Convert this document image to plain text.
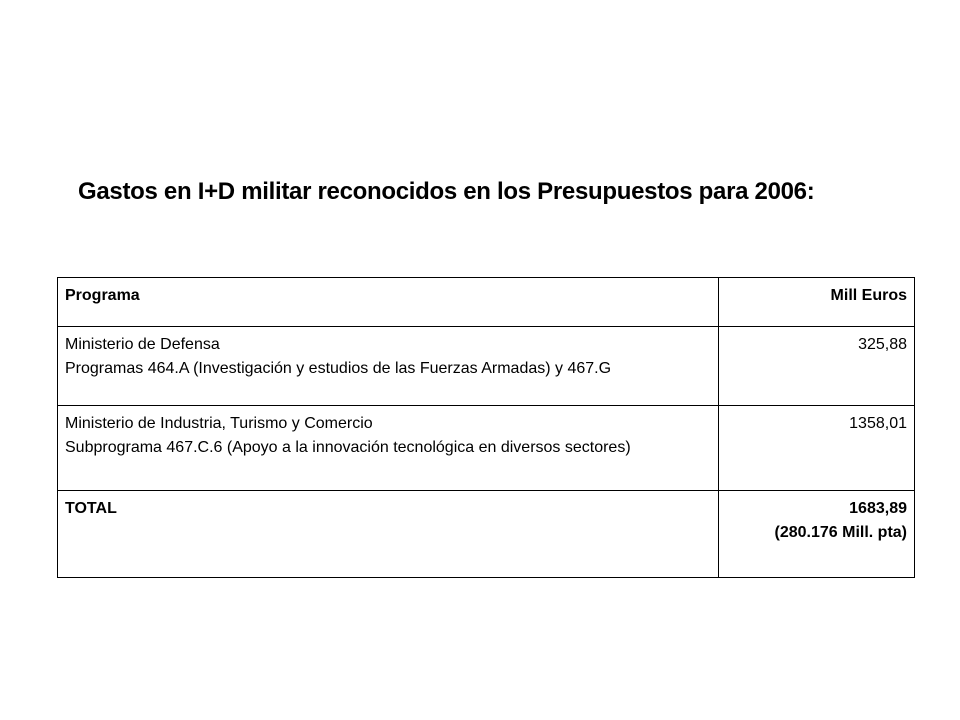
Gastos en I+D militar reconocidos en los Presupuestos para 2006:
Programa	Mill Euros

Ministerio de Defensa
Programas 464.A (Investigación y estudios de las Fuerzas Armadas) y 467.G	325,88

Ministerio de Industria, Turismo y Comercio
Subprograma 467.C.6 (Apoyo a la innovación tecnológica en diversos sectores)	1358,01
TOTAL	1683,89
(280.176 Mill. pta)
